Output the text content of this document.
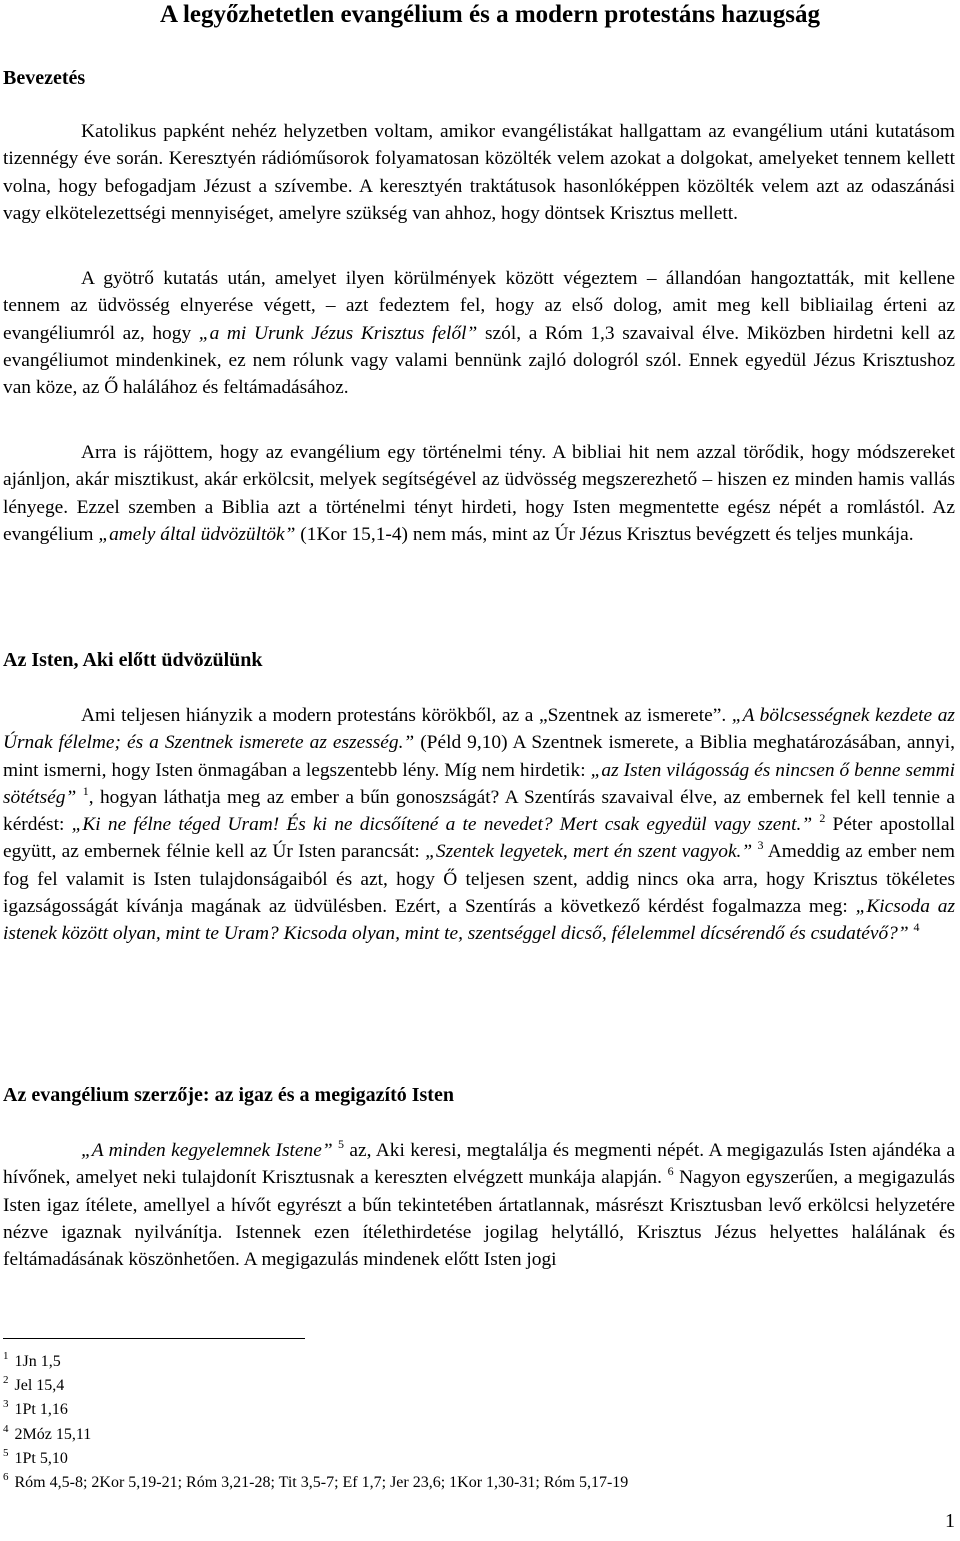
A legyőzhetetlen evangélium és a modern protestáns hazugság
Bevezetés

Katolikus papként nehéz helyzetben voltam, amikor evangélistákat hallgattam az evangélium utáni kutatásom tizennégy éve során. Keresztyén rádióműsorok folyamatosan közölték velem azokat a dolgokat, amelyeket tennem kellett volna, hogy befogadjam Jézust a szívembe. A keresztyén traktátusok hasonlóképpen közölték velem azt az odaszánási vagy elkötelezettségi mennyiséget, amelyre szükség van ahhoz, hogy döntsek Krisztus mellett.

A gyötrő kutatás után, amelyet ilyen körülmények között végeztem – állandóan hangoztatták, mit kellene tennem az üdvösség elnyerése végett, – azt fedeztem fel, hogy az első dolog, amit meg kell bibliailag érteni az evangéliumról az, hogy „a mi Urunk Jézus Krisztus felől” szól, a Róm 1,3 szavaival élve. Miközben hirdetni kell az evangéliumot mindenkinek, ez nem rólunk vagy valami bennünk zajló dologról szól. Ennek egyedül Jézus Krisztushoz van köze, az Ő halálához és feltámadásához.

Arra is rájöttem, hogy az evangélium egy történelmi tény. A bibliai hit nem azzal törődik, hogy módszereket ajánljon, akár misztikust, akár erkölcsit, melyek segítségével az üdvösség megszerezhető – hiszen ez minden hamis vallás lényege. Ezzel szemben a Biblia azt a történelmi tényt hirdeti, hogy Isten megmentette egész népét a romlástól. Az evangélium „amely által üdvözültök” (1Kor 15,1-4) nem más, mint az Úr Jézus Krisztus bevégzett és teljes munkája.

Az Isten, Aki előtt üdvözülünk

Ami teljesen hiányzik a modern protestáns körökből, az a „Szentnek az ismerete”. „A bölcsességnek kezdete az Úrnak félelme; és a Szentnek ismerete az eszesség.” (Péld 9,10) A Szentnek ismerete, a Biblia meghatározásában, annyi, mint ismerni, hogy Isten önmagában a legszentebb lény. Míg nem hirdetik: „az Isten világosság és nincsen ő benne semmi sötétség” $^1$, hogyan láthatja meg az ember a bűn gonoszságát? A Szentírás szavaival élve, az embernek fel kell tennie a kérdést: „Ki ne félne téged Uram! És ki ne dicsőítené a te nevedet? Mert csak egyedül vagy szent.” $^2$ Péter apostollal együtt, az embernek félnie kell az Úr Isten parancsát: „Szentek legyetek, mert én szent vagyok.” $^3$ Ameddig az ember nem fog fel valamit is Isten tulajdonságaiból és azt, hogy Ő teljesen szent, addig nincs oka arra, hogy Krisztus tökéletes igazságosságát kívánja magának az üdvülésben. Ezért, a Szentírás a következő kérdést fogalmazza meg: „Kicsoda az istenek között olyan, mint te Uram? Kicsoda olyan, mint te, szentséggel dicső, félelemmel dícsérendő és csudatévő?” $^4$

Az evangélium szerzője: az igaz és a megigazító Isten

„A minden kegyelemnek Istene” $^5$ az, Aki keresi, megtalálja és megmenti népét. A megigazulás Isten ajándéka a hívőnek, amelyet neki tulajdonít Krisztusnak a kereszten elvégzett munkája alapján. $^6$ Nagyon egyszerűen, a megigazulás Isten igaz ítélete, amellyel a hívőt egyrészt a bűn tekintetében ártatlannak, másrészt Krisztusban levő erkölcsi helyzetére nézve igaznak nyilvánítja. Istennek ezen ítélethirdetése jogilag helytálló, Krisztus Jézus helyettes halálának és feltámadásának köszönhetően. A megigazulás mindenek előtt Isten jogi

$^1$ 1Jn 1,5
$^2$ Jel 15,4
$^3$ 1Pt 1,16
$^4$ 2Móz 15,11
$^5$ 1Pt 5,10
$^6$ Róm 4,5-8; 2Kor 5,19-21; Róm 3,21-28; Tit 3,5-7; Ef 1,7; Jer 23,6; 1Kor 1,30-31; Róm 5,17-19
1
